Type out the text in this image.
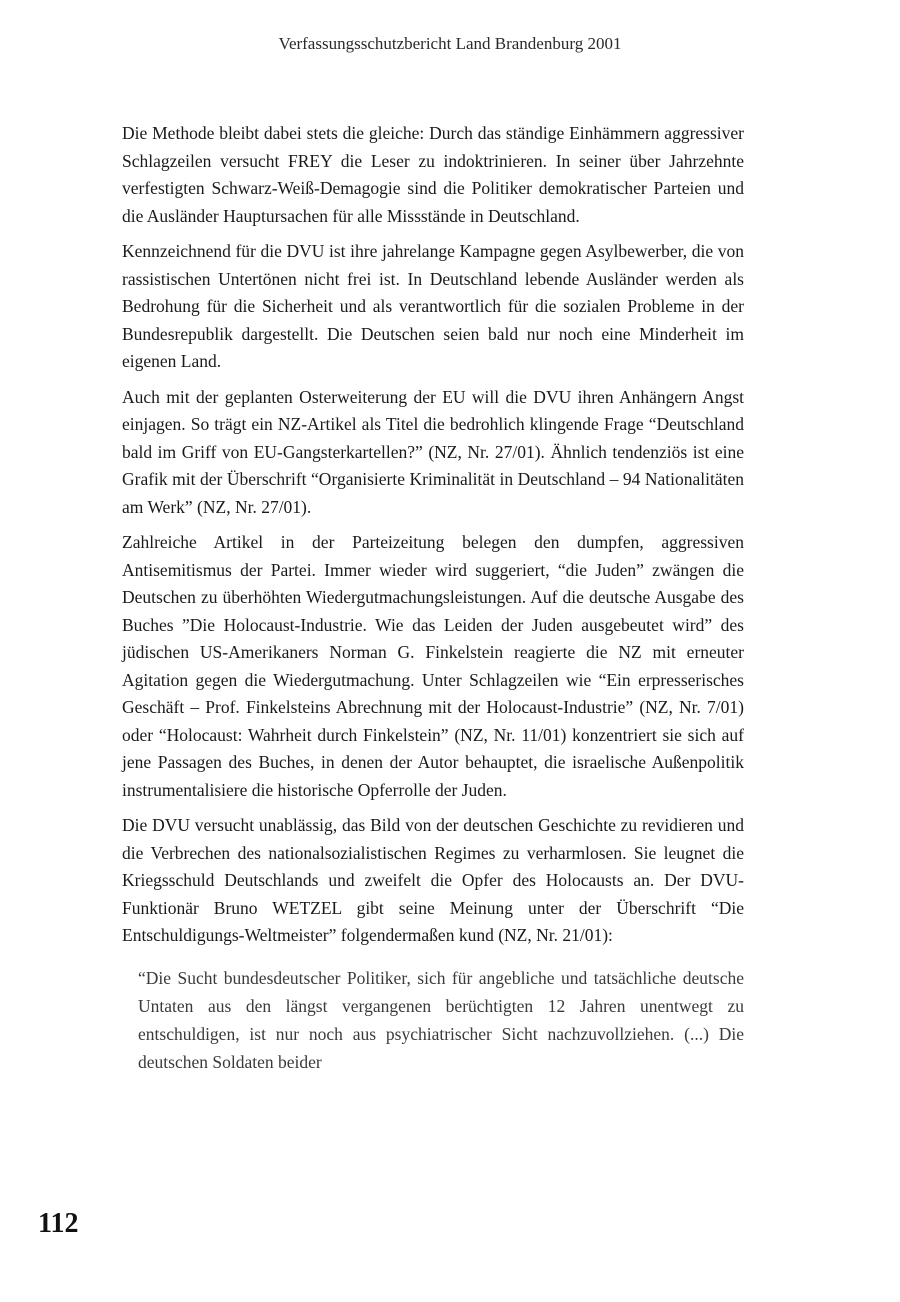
Verfassungsschutzbericht Land Brandenburg 2001

Die Methode bleibt dabei stets die gleiche: Durch das ständige Einhämmern aggressiver Schlagzeilen versucht FREY die Leser zu indoktrinieren. In seiner über Jahrzehnte verfestigten Schwarz-Weiß-Demagogie sind die Politiker demokratischer Parteien und die Ausländer Hauptursachen für alle Missstände in Deutschland.

Kennzeichnend für die DVU ist ihre jahrelange Kampagne gegen Asylbewerber, die von rassistischen Untertönen nicht frei ist. In Deutschland lebende Ausländer werden als Bedrohung für die Sicherheit und als verantwortlich für die sozialen Probleme in der Bundesrepublik dargestellt. Die Deutschen seien bald nur noch eine Minderheit im eigenen Land.

Auch mit der geplanten Osterweiterung der EU will die DVU ihren Anhängern Angst einjagen. So trägt ein NZ-Artikel als Titel die bedrohlich klingende Frage “Deutschland bald im Griff von EU-Gangsterkartellen?” (NZ, Nr. 27/01). Ähnlich tendenziös ist eine Grafik mit der Überschrift “Organisierte Kriminalität in Deutschland – 94 Nationalitäten am Werk” (NZ, Nr. 27/01).

Zahlreiche Artikel in der Parteizeitung belegen den dumpfen, aggressiven Antisemitismus der Partei. Immer wieder wird suggeriert, “die Juden” zwängen die Deutschen zu überhöhten Wiedergutmachungsleistungen. Auf die deutsche Ausgabe des Buches ”Die Holocaust-Industrie. Wie das Leiden der Juden ausgebeutet wird” des jüdischen US-Amerikaners Norman G. Finkelstein reagierte die NZ mit erneuter Agitation gegen die Wiedergutmachung. Unter Schlagzeilen wie “Ein erpresserisches Geschäft – Prof. Finkelsteins Abrechnung mit der Holocaust-Industrie” (NZ, Nr. 7/01) oder “Holocaust: Wahrheit durch Finkelstein” (NZ, Nr. 11/01) konzentriert sie sich auf jene Passagen des Buches, in denen der Autor behauptet, die israelische Außenpolitik instrumentalisiere die historische Opferrolle der Juden.

Die DVU versucht unablässig, das Bild von der deutschen Geschichte zu revidieren und die Verbrechen des nationalsozialistischen Regimes zu verharmlosen. Sie leugnet die Kriegsschuld Deutschlands und zweifelt die Opfer des Holocausts an. Der DVU-Funktionär Bruno WETZEL gibt seine Meinung unter der Überschrift “Die Entschuldigungs-Weltmeister” folgendermaßen kund (NZ, Nr. 21/01):

“Die Sucht bundesdeutscher Politiker, sich für angebliche und tatsächliche deutsche Untaten aus den längst vergangenen berüchtigten 12 Jahren unentwegt zu entschuldigen, ist nur noch aus psychiatrischer Sicht nachzuvollziehen. (...) Die deutschen Soldaten beider

112
